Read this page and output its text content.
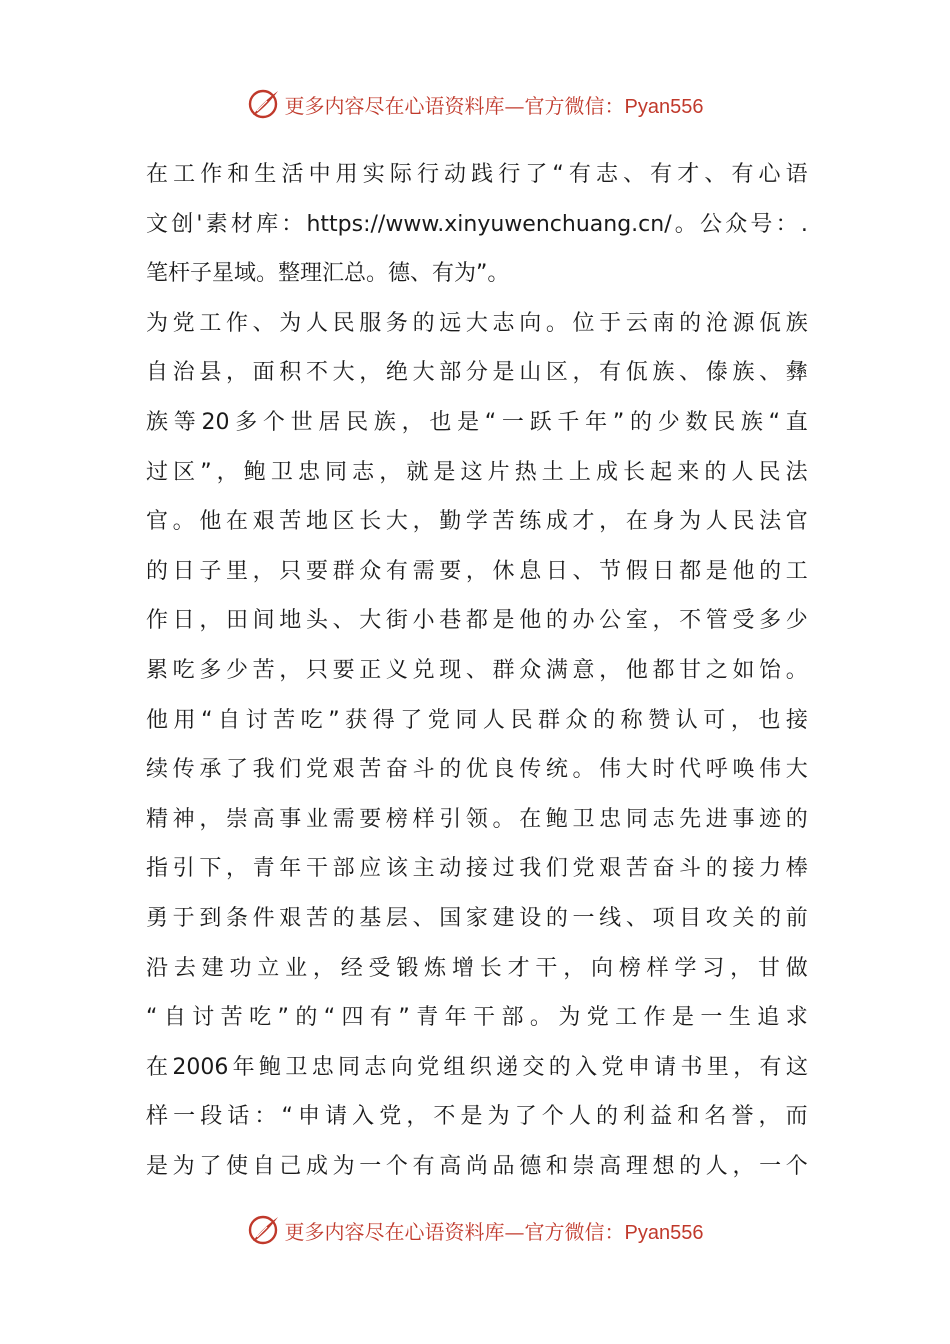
更多内容尽在心语资料库—官方微信：Pyan556
在 工 作 和 生 活 中 用 实 际 行 动 践 行 了 “ 有 志 、 有 才 、 有 心 语
文 创 ' 素 材 库 ： https://www.xinyuwenchuang.cn/ 。 公 众 号 ： .
笔杆子星域。整理汇总。德、有为”。
为 党 工 作 、 为 人 民 服 务 的 远 大 志 向 。 位 于 云 南 的 沧 源 佤 族
自 治 县 ， 面 积 不 大 ， 绝 大 部 分 是 山 区 ， 有 佤 族 、 傣 族 、 彝
族 等 20 多 个 世 居 民 族 ， 也 是 “ 一 跃 千 年 ” 的 少 数 民 族 “ 直
过 区 ” ， 鲍 卫 忠 同 志 ， 就 是 这 片 热 土 上 成 长 起 来 的 人 民 法
官 。 他 在 艰 苦 地 区 长 大 ， 勤 学 苦 练 成 才 ， 在 身 为 人 民 法 官
的 日 子 里 ， 只 要 群 众 有 需 要 ， 休 息 日 、 节 假 日 都 是 他 的 工
作 日 ， 田 间 地 头 、 大 街 小 巷 都 是 他 的 办 公 室 ， 不 管 受 多 少
累 吃 多 少 苦 ， 只 要 正 义 兑 现 、 群 众 满 意 ， 他 都 甘 之 如 饴 。
他 用 “ 自 讨 苦 吃 ” 获 得 了 党 同 人 民 群 众 的 称 赞 认 可 ， 也 接
续 传 承 了 我 们 党 艰 苦 奋 斗 的 优 良 传 统 。 伟 大 时 代 呼 唤 伟 大
精 神 ， 崇 高 事 业 需 要 榜 样 引 领 。 在 鲍 卫 忠 同 志 先 进 事 迹 的
指 引 下 ， 青 年 干 部 应 该 主 动 接 过 我 们 党 艰 苦 奋 斗 的 接 力 棒
勇 于 到 条 件 艰 苦 的 基 层 、 国 家 建 设 的 一 线 、 项 目 攻 关 的 前
沿 去 建 功 立 业 ， 经 受 锻 炼 增 长 才 干 ， 向 榜 样 学 习 ， 甘 做
“ 自 讨 苦 吃 ” 的 “ 四 有 ” 青 年 干 部 。 为 党 工 作 是 一 生 追 求
在 2006 年 鲍 卫 忠 同 志 向 党 组 织 递 交 的 入 党 申 请 书 里 ， 有 这
样 一 段 话 ： “ 申 请 入 党 ， 不 是 为 了 个 人 的 利 益 和 名 誉 ， 而
是 为 了 使 自 己 成 为 一 个 有 高 尚 品 德 和 崇 高 理 想 的 人 ， 一 个
更多内容尽在心语资料库—官方微信：Pyan556
